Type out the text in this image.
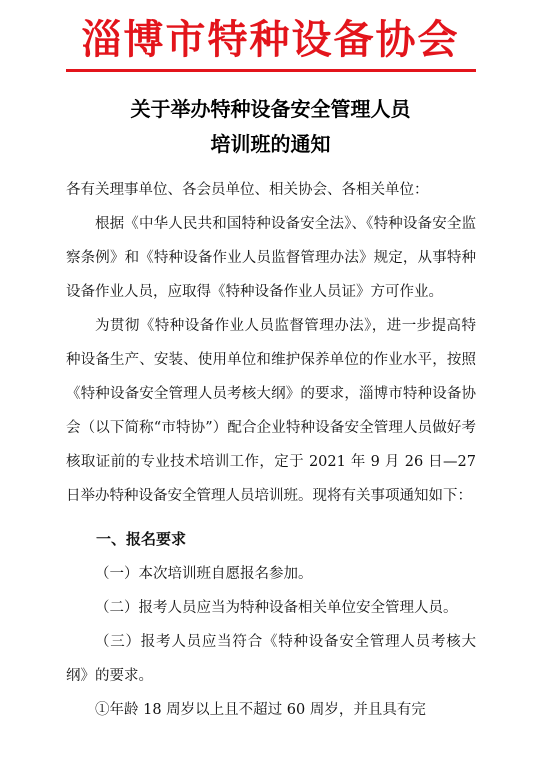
淄博市特种设备协会
关于举办特种设备安全管理人员
培训班的通知

各有关理事单位、各会员单位、相关协会、各相关单位：

根据《中华人民共和国特种设备安全法》、《特种设备安全监察条例》和《特种设备作业人员监督管理办法》规定，从事特种设备作业人员，应取得《特种设备作业人员证》方可作业。

为贯彻《特种设备作业人员监督管理办法》，进一步提高特种设备生产、安装、使用单位和维护保养单位的作业水平，按照《特种设备安全管理人员考核大纲》的要求，淄博市特种设备协会（以下简称“市特协”）配合企业特种设备安全管理人员做好考核取证前的专业技术培训工作，定于 2021 年 9 月 26 日—27 日举办特种设备安全管理人员培训班。现将有关事项通知如下：

一、报名要求

（一）本次培训班自愿报名参加。

（二）报考人员应当为特种设备相关单位安全管理人员。

（三）报考人员应当符合《特种设备安全管理人员考核大纲》的要求。

①年龄 18 周岁以上且不超过 60 周岁，并且具有完
